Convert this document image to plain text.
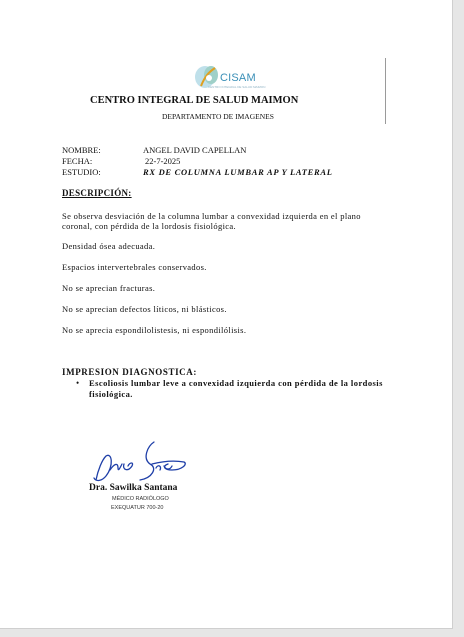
CISAM
CENTRO INTEGRAL DE SALUD MAIMON
CENTRO INTEGRAL DE SALUD MAIMON
DEPARTAMENTO DE IMAGENES
NOMBRE:	ANGEL DAVID CAPELLAN
FECHA:	22-7-2025
ESTUDIO:	RX DE COLUMNA LUMBAR AP Y LATERAL
DESCRIPCIÓN:
Se observa desviación de la columna lumbar a convexidad izquierda en el plano coronal, con pérdida de la lordosis fisiológica.
Densidad ósea adecuada.
Espacios intervertebrales conservados.
No se aprecian fracturas.
No se aprecian defectos líticos, ni blásticos.
No se aprecia espondilolistesis, ni espondilólisis.
IMPRESION DIAGNOSTICA:
• Escoliosis lumbar leve a convexidad izquierda con pérdida de la lordosis fisiológica.
Dra. Sawilka Santana
MÉDICO RADIÓLOGO
EXEQUATUR 700-20
